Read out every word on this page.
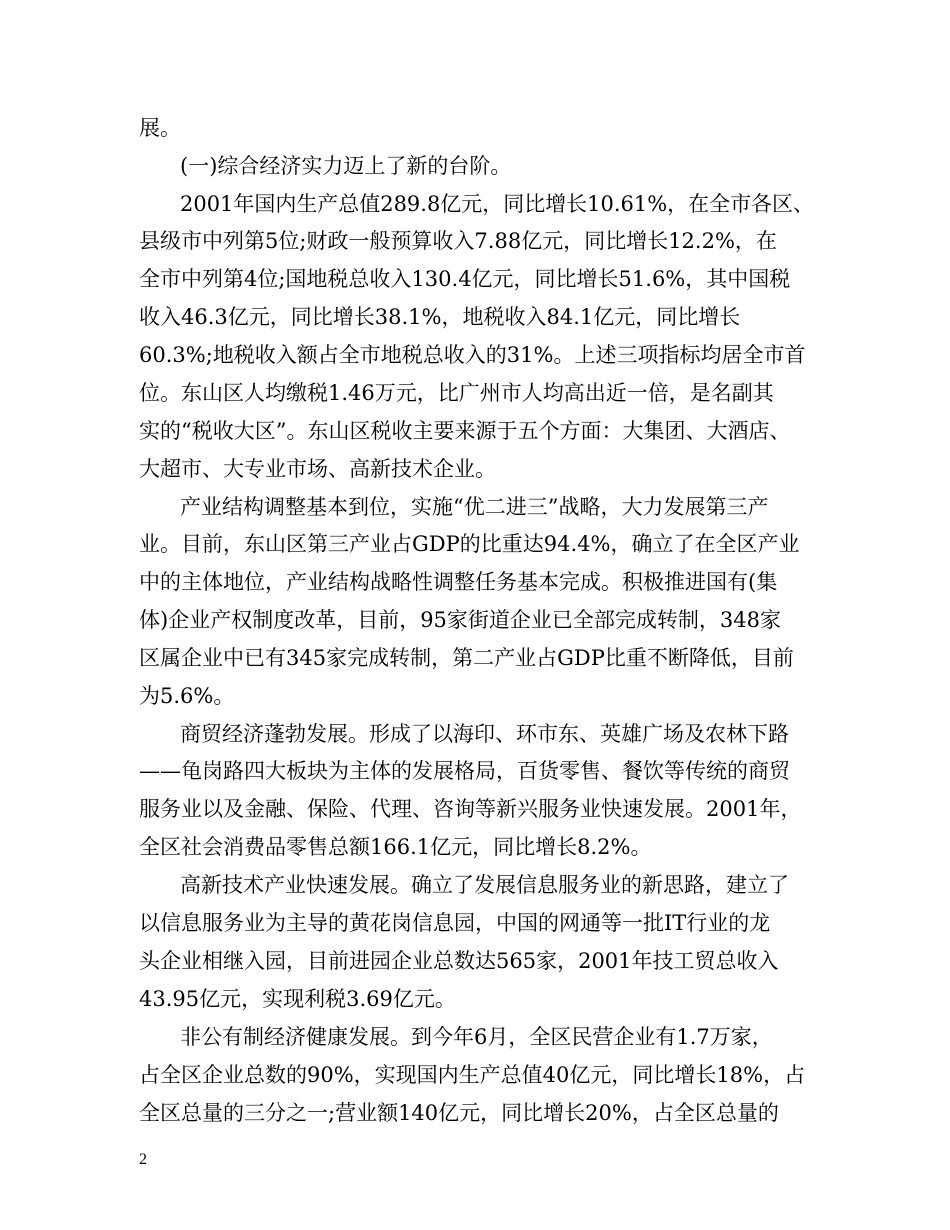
展。
(一)综合经济实力迈上了新的台阶。
2001年国内生产总值289.8亿元，同比增长10.61%，在全市各区、
县级市中列第5位;财政一般预算收入7.88亿元，同比增长12.2%，在
全市中列第4位;国地税总收入130.4亿元，同比增长51.6%，其中国税
收入46.3亿元，同比增长38.1%，地税收入84.1亿元，同比增长
60.3%;地税收入额占全市地税总收入的31%。上述三项指标均居全市首
位。东山区人均缴税1.46万元，比广州市人均高出近一倍，是名副其
实的“税收大区”。东山区税收主要来源于五个方面：大集团、大酒店、
大超市、大专业市场、高新技术企业。
产业结构调整基本到位，实施“优二进三”战略，大力发展第三产
业。目前，东山区第三产业占GDP的比重达94.4%，确立了在全区产业
中的主体地位，产业结构战略性调整任务基本完成。积极推进国有(集
体)企业产权制度改革，目前，95家街道企业已全部完成转制，348家
区属企业中已有345家完成转制，第二产业占GDP比重不断降低，目前
为5.6%。
商贸经济蓬勃发展。形成了以海印、环市东、英雄广场及农林下路
——龟岗路四大板块为主体的发展格局，百货零售、餐饮等传统的商贸
服务业以及金融、保险、代理、咨询等新兴服务业快速发展。2001年，
全区社会消费品零售总额166.1亿元，同比增长8.2%。
高新技术产业快速发展。确立了发展信息服务业的新思路，建立了
以信息服务业为主导的黄花岗信息园，中国的网通等一批IT行业的龙
头企业相继入园，目前进园企业总数达565家，2001年技工贸总收入
43.95亿元，实现利税3.69亿元。
非公有制经济健康发展。到今年6月，全区民营企业有1.7万家，
占全区企业总数的90%，实现国内生产总值40亿元，同比增长18%，占
全区总量的三分之一;营业额140亿元，同比增长20%，占全区总量的
2
